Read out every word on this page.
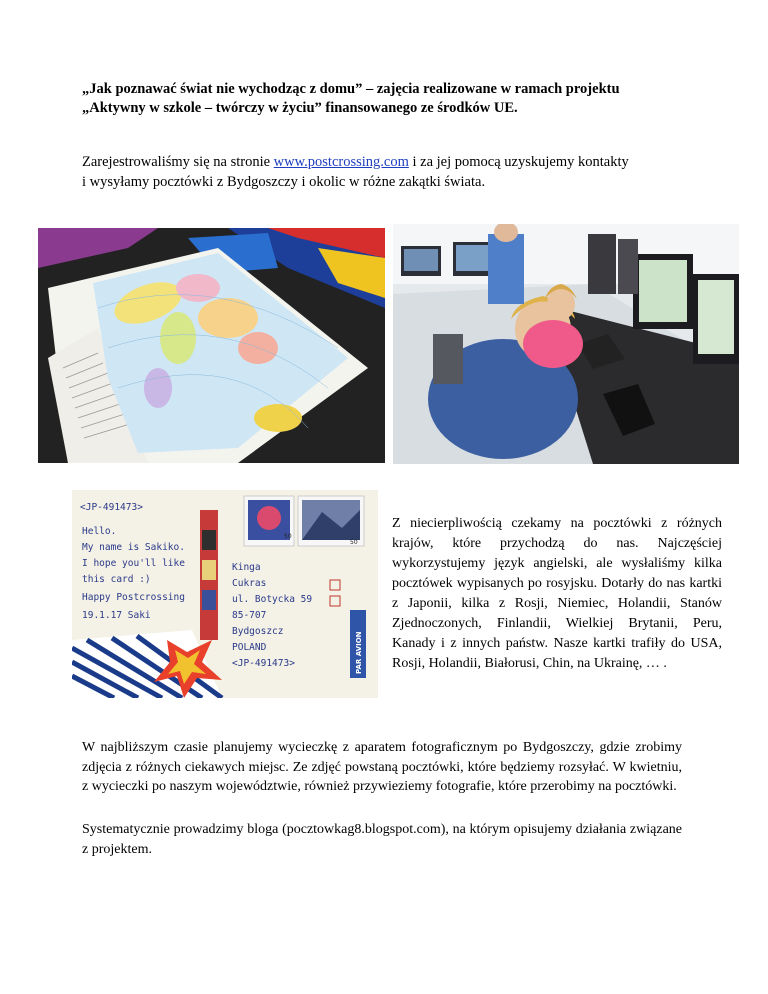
„Jak poznawać świat nie wychodząc z domu” – zajęcia realizowane w ramach projektu
„Aktywny w szkole – twórczy w życiu” finansowanego ze środków UE.
Zarejestrowaliśmy się na stronie www.postcrossing.com i za jej pomocą uzyskujemy kontakty
i wysyłamy pocztówki z Bydgoszczy i okolic w różne zakątki świata.
<JP-491473>
Hello.
My name is Sakiko.
I hope you'll like
this card :)
Happy Postcrossing
19.1.17 Saki
Kinga
Cukras
ul. Botycka 59
85-707
Bydgoszcz
POLAND
<JP-491473>
50
50
PAR AVION
Z niecierpliwością czekamy na pocztówki z różnych krajów, które przychodzą do nas. Najczęściej wykorzystujemy język angielski, ale wysłaliśmy kilka pocztówek wypisanych po rosyjsku. Dotarły do nas kartki z Japonii, kilka z Rosji, Niemiec, Holandii, Stanów Zjednoczonych, Finlandii, Wielkiej Brytanii, Peru, Kanady i z innych państw. Nasze kartki trafiły do USA, Rosji, Holandii, Białorusi, Chin, na Ukrainę, … .
W najbliższym czasie planujemy wycieczkę z aparatem fotograficznym po Bydgoszczy, gdzie zrobimy zdjęcia z różnych ciekawych miejsc. Ze zdjęć powstaną pocztówki, które będziemy rozsyłać. W kwietniu, z wycieczki po naszym województwie, również przywieziemy fotografie, które przerobimy na pocztówki.
Systematycznie prowadzimy bloga (pocztowkag8.blogspot.com), na którym opisujemy działania związane z projektem.
